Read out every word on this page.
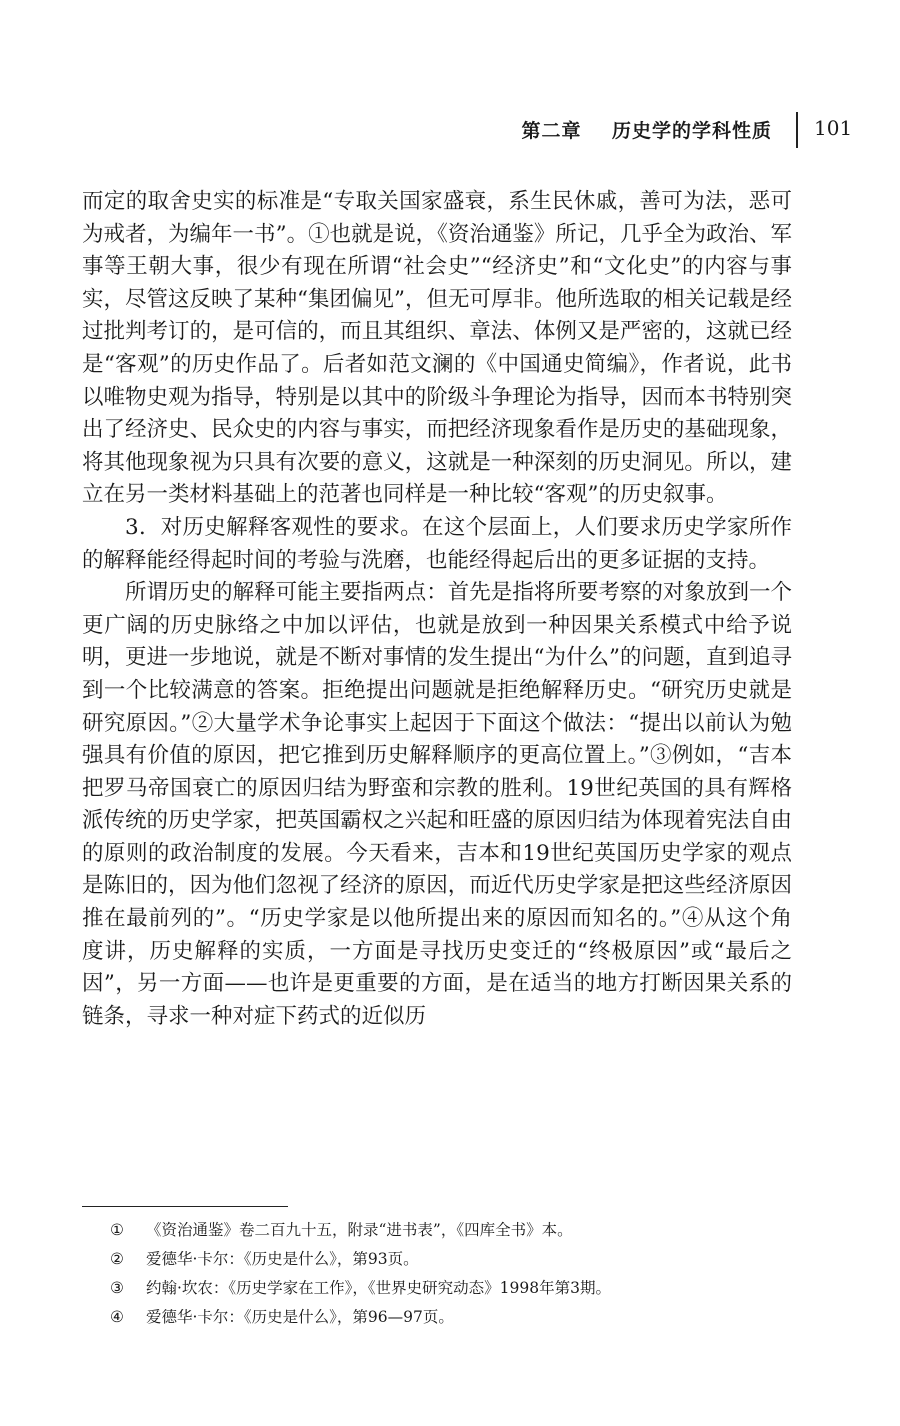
第二章    历史学的学科性质 101

而定的取舍史实的标准是“专取关国家盛衰，系生民休戚，善可为法，恶可为戒者，为编年一书”。①也就是说，《资治通鉴》所记，几乎全为政治、军事等王朝大事，很少有现在所谓“社会史”“经济史”和“文化史”的内容与事实，尽管这反映了某种“集团偏见”，但无可厚非。他所选取的相关记载是经过批判考订的，是可信的，而且其组织、章法、体例又是严密的，这就已经是“客观”的历史作品了。后者如范文澜的《中国通史简编》，作者说，此书以唯物史观为指导，特别是以其中的阶级斗争理论为指导，因而本书特别突出了经济史、民众史的内容与事实，而把经济现象看作是历史的基础现象，将其他现象视为只具有次要的意义，这就是一种深刻的历史洞见。所以，建立在另一类材料基础上的范著也同样是一种比较“客观”的历史叙事。

3．对历史解释客观性的要求。在这个层面上，人们要求历史学家所作的解释能经得起时间的考验与洗磨，也能经得起后出的更多证据的支持。

所谓历史的解释可能主要指两点：首先是指将所要考察的对象放到一个更广阔的历史脉络之中加以评估，也就是放到一种因果关系模式中给予说明，更进一步地说，就是不断对事情的发生提出“为什么”的问题，直到追寻到一个比较满意的答案。拒绝提出问题就是拒绝解释历史。“研究历史就是研究原因。”②大量学术争论事实上起因于下面这个做法：“提出以前认为勉强具有价值的原因，把它推到历史解释顺序的更高位置上。”③例如，“吉本把罗马帝国衰亡的原因归结为野蛮和宗教的胜利。19世纪英国的具有辉格派传统的历史学家，把英国霸权之兴起和旺盛的原因归结为体现着宪法自由的原则的政治制度的发展。今天看来，吉本和19世纪英国历史学家的观点是陈旧的，因为他们忽视了经济的原因，而近代历史学家是把这些经济原因推在最前列的”。“历史学家是以他所提出来的原因而知名的。”④从这个角度讲，历史解释的实质，一方面是寻找历史变迁的“终极原因”或“最后之因”，另一方面——也许是更重要的方面，是在适当的地方打断因果关系的链条，寻求一种对症下药式的近似历

① 《资治通鉴》卷二百九十五，附录“进书表”，《四库全书》本。
② 爱德华·卡尔：《历史是什么》，第93页。
③ 约翰·坎农：《历史学家在工作》，《世界史研究动态》1998年第3期。
④ 爱德华·卡尔：《历史是什么》，第96—97页。
